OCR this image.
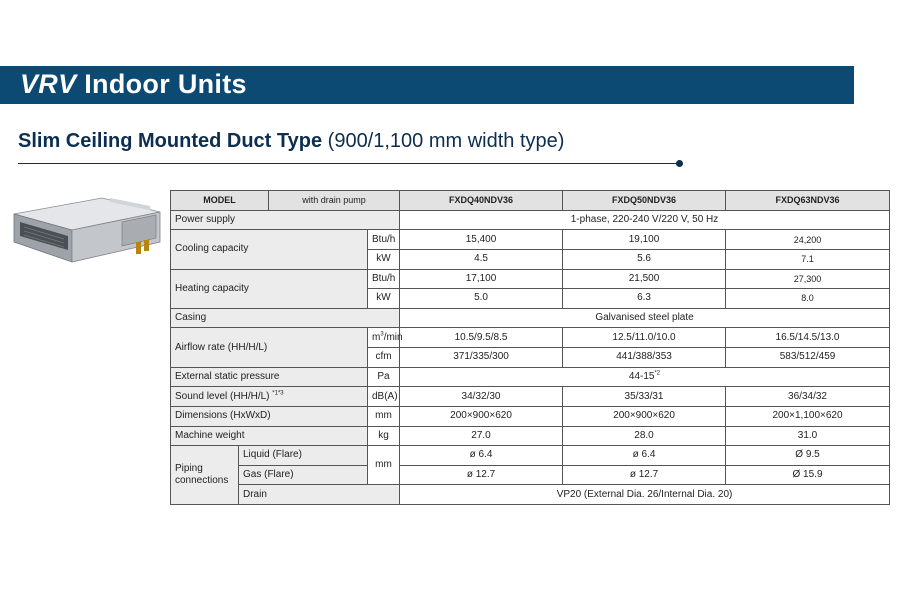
VRV Indoor Units
Slim Ceiling Mounted Duct Type (900/1,100 mm width type)
MODEL		with drain pump		FXDQ40NDV36	FXDQ50NDV36	FXDQ63NDV36
Power supply				1-phase, 220-240 V/220 V, 50 Hz		
Cooling capacity			Btu/h	15,400	19,100	24,200
			kW	4.5	5.6	7.1
Heating capacity			Btu/h	17,100	21,500	27,300
			kW	5.0	6.3	8.0
Casing				Galvanised steel plate		
Airflow rate (HH/H/L)			$m^3/\min$	10.5/9.5/8.5	12.5/11.0/10.0	16.5/14.5/13.0
			cfm	371/335/300	441/388/353	583/512/459
External static pressure			Pa	44-15$^{*2}$
Sound level (HH/H/L) $^{*1*3}$			dB(A)	34/32/30	35/33/31	36/34/32
Dimensions (HxWxD)			mm	200×900×620	200×900×620	200×1,100×620
Machine weight			kg	27.0	28.0	31.0
Piping
connections	Liquid (Flare)		mm	ø 6.4	ø 6.4	Ø 9.5
	Gas (Flare)			ø 12.7	ø 12.7	Ø 15.9
	Drain			VP20 (External Dia. 26/Internal Dia. 20)		
